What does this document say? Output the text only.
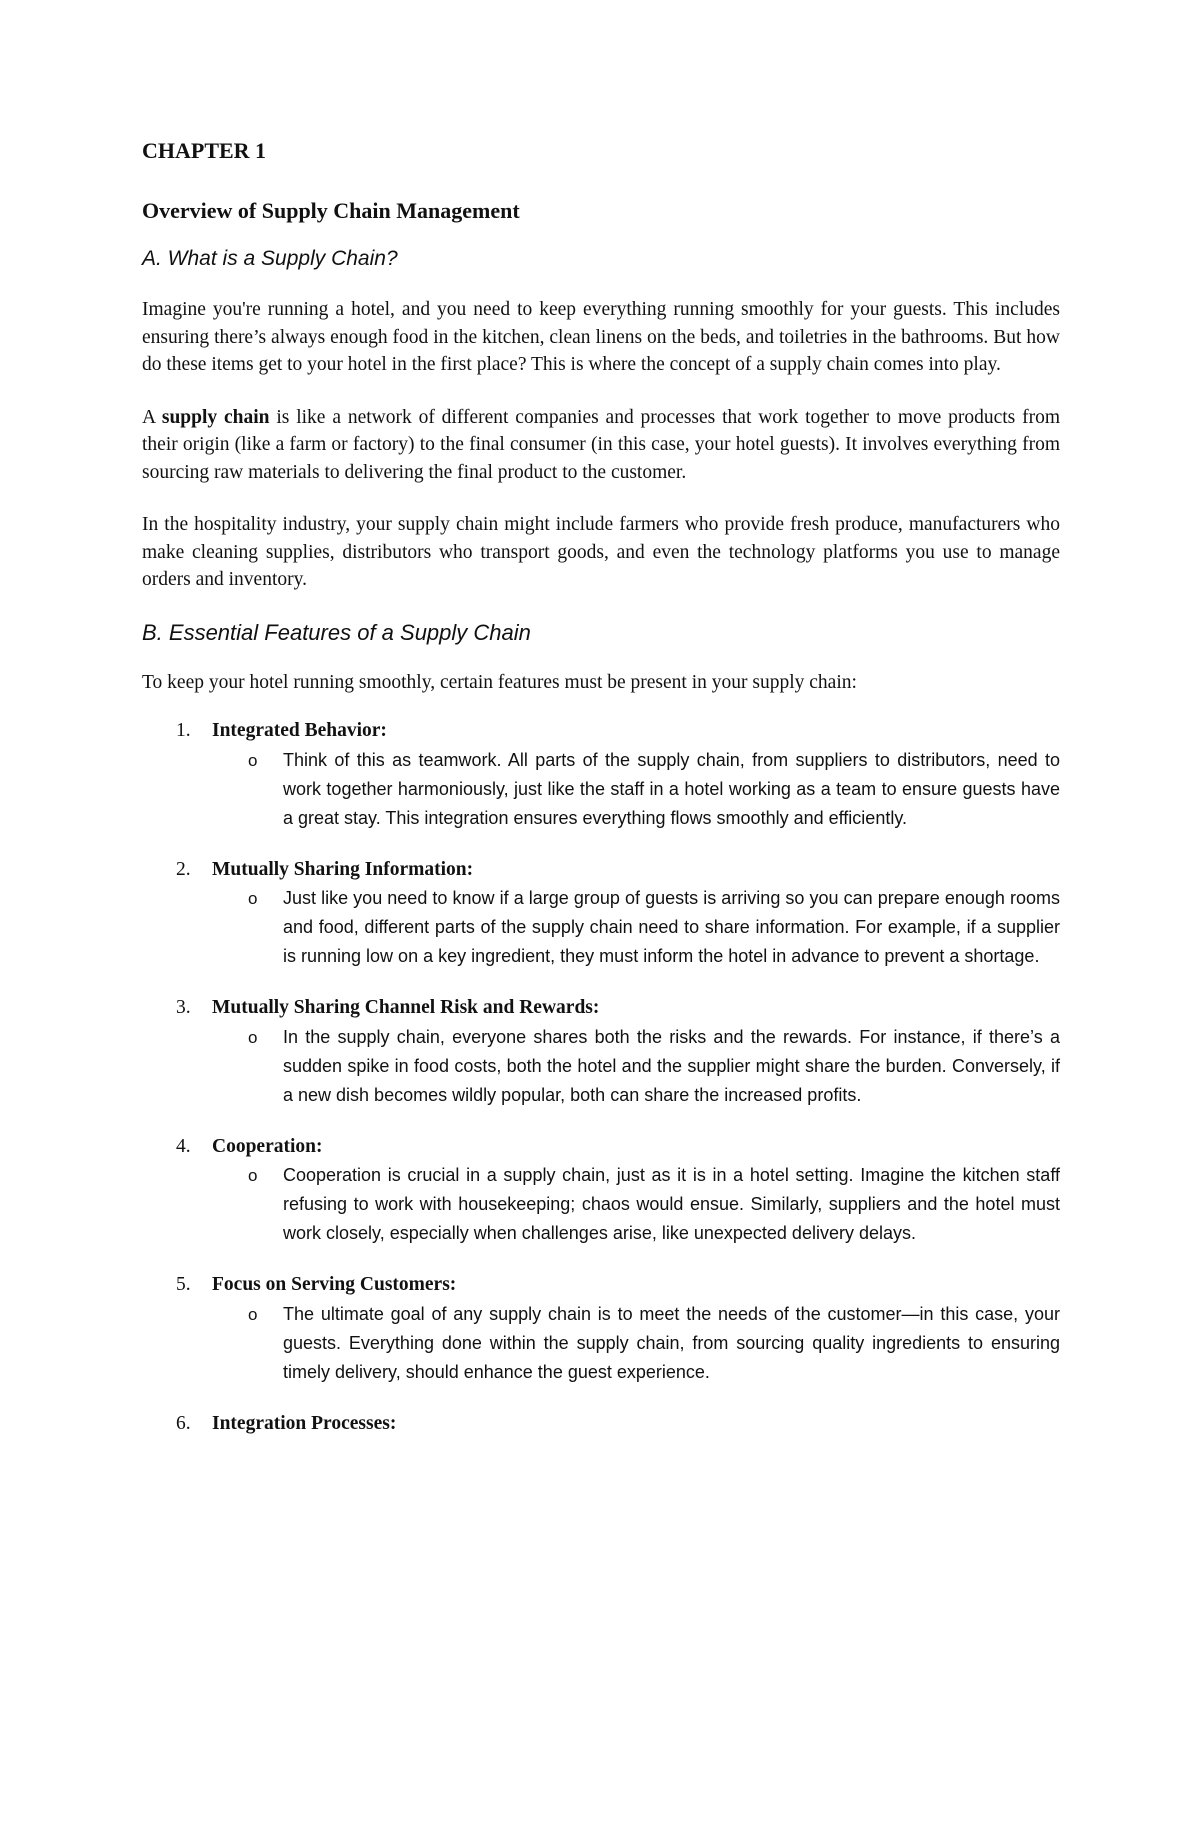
CHAPTER 1
Overview of Supply Chain Management
A. What is a Supply Chain?

Imagine you're running a hotel, and you need to keep everything running smoothly for your guests. This includes ensuring there’s always enough food in the kitchen, clean linens on the beds, and toiletries in the bathrooms. But how do these items get to your hotel in the first place? This is where the concept of a supply chain comes into play.

A supply chain is like a network of different companies and processes that work together to move products from their origin (like a farm or factory) to the final consumer (in this case, your hotel guests). It involves everything from sourcing raw materials to delivering the final product to the customer.

In the hospitality industry, your supply chain might include farmers who provide fresh produce, manufacturers who make cleaning supplies, distributors who transport goods, and even the technology platforms you use to manage orders and inventory.

B. Essential Features of a Supply Chain

To keep your hotel running smoothly, certain features must be present in your supply chain:

1. Integrated Behavior:
o Think of this as teamwork. All parts of the supply chain, from suppliers to distributors, need to work together harmoniously, just like the staff in a hotel working as a team to ensure guests have a great stay. This integration ensures everything flows smoothly and efficiently.
2. Mutually Sharing Information:
o Just like you need to know if a large group of guests is arriving so you can prepare enough rooms and food, different parts of the supply chain need to share information. For example, if a supplier is running low on a key ingredient, they must inform the hotel in advance to prevent a shortage.
3. Mutually Sharing Channel Risk and Rewards:
o In the supply chain, everyone shares both the risks and the rewards. For instance, if there’s a sudden spike in food costs, both the hotel and the supplier might share the burden. Conversely, if a new dish becomes wildly popular, both can share the increased profits.
4. Cooperation:
o Cooperation is crucial in a supply chain, just as it is in a hotel setting. Imagine the kitchen staff refusing to work with housekeeping; chaos would ensue. Similarly, suppliers and the hotel must work closely, especially when challenges arise, like unexpected delivery delays.
5. Focus on Serving Customers:
o The ultimate goal of any supply chain is to meet the needs of the customer—in this case, your guests. Everything done within the supply chain, from sourcing quality ingredients to ensuring timely delivery, should enhance the guest experience.
6. Integration Processes:
